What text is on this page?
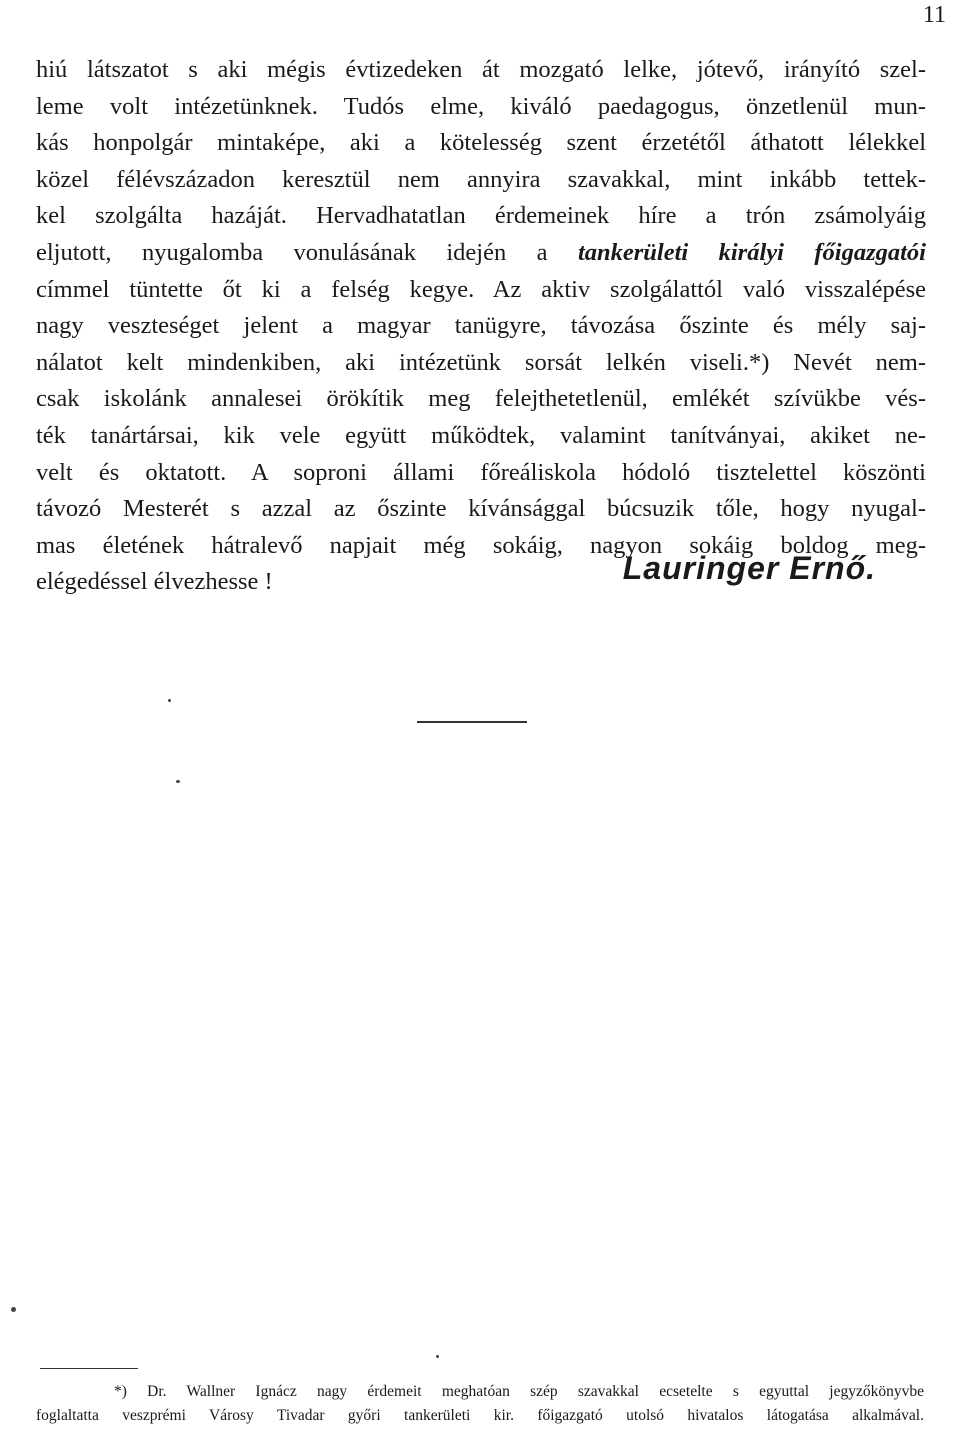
11
hiú látszatot s aki mégis évtizedeken át mozgató lelke, jótevő, irányító szel-
leme volt intézetünknek. Tudós elme, kiváló paedagogus, önzetlenül mun-
kás honpolgár mintaképe, aki a kötelesség szent érzetétől áthatott lélekkel
közel félévszázadon keresztül nem annyira szavakkal, mint inkább tettek-
kel szolgálta hazáját. Hervadhatatlan érdemeinek híre a trón zsámolyáig
eljutott, nyugalomba vonulásának idején a tankerületi királyi főigazgatói
címmel tüntette őt ki a felség kegye. Az aktiv szolgálattól való visszalépése
nagy veszteséget jelent a magyar tanügyre, távozása őszinte és mély saj-
nálatot kelt mindenkiben, aki intézetünk sorsát lelkén viseli.*) Nevét nem-
csak iskolánk annalesei örökítik meg felejthetetlenül, emlékét szívükbe vés-
ték tanártársai, kik vele együtt működtek, valamint tanítványai, akiket ne-
velt és oktatott. A soproni állami főreáliskola hódoló tisztelettel köszönti
távozó Mesterét s azzal az őszinte kívánsággal búcsuzik tőle, hogy nyugal-
mas életének hátralevő napjait még sokáig, nagyon sokáig boldog meg-
elégedéssel élvezhesse !	Lauringer Ernő.
*) Dr. Wallner Ignácz nagy érdemeit meghatóan szép szavakkal ecsetelte s egyuttal jegyzőkönyvbe
foglaltatta veszprémi Városy Tivadar győri tankerületi kir. főigazgató utolsó hivatalos látogatása alkalmával.
